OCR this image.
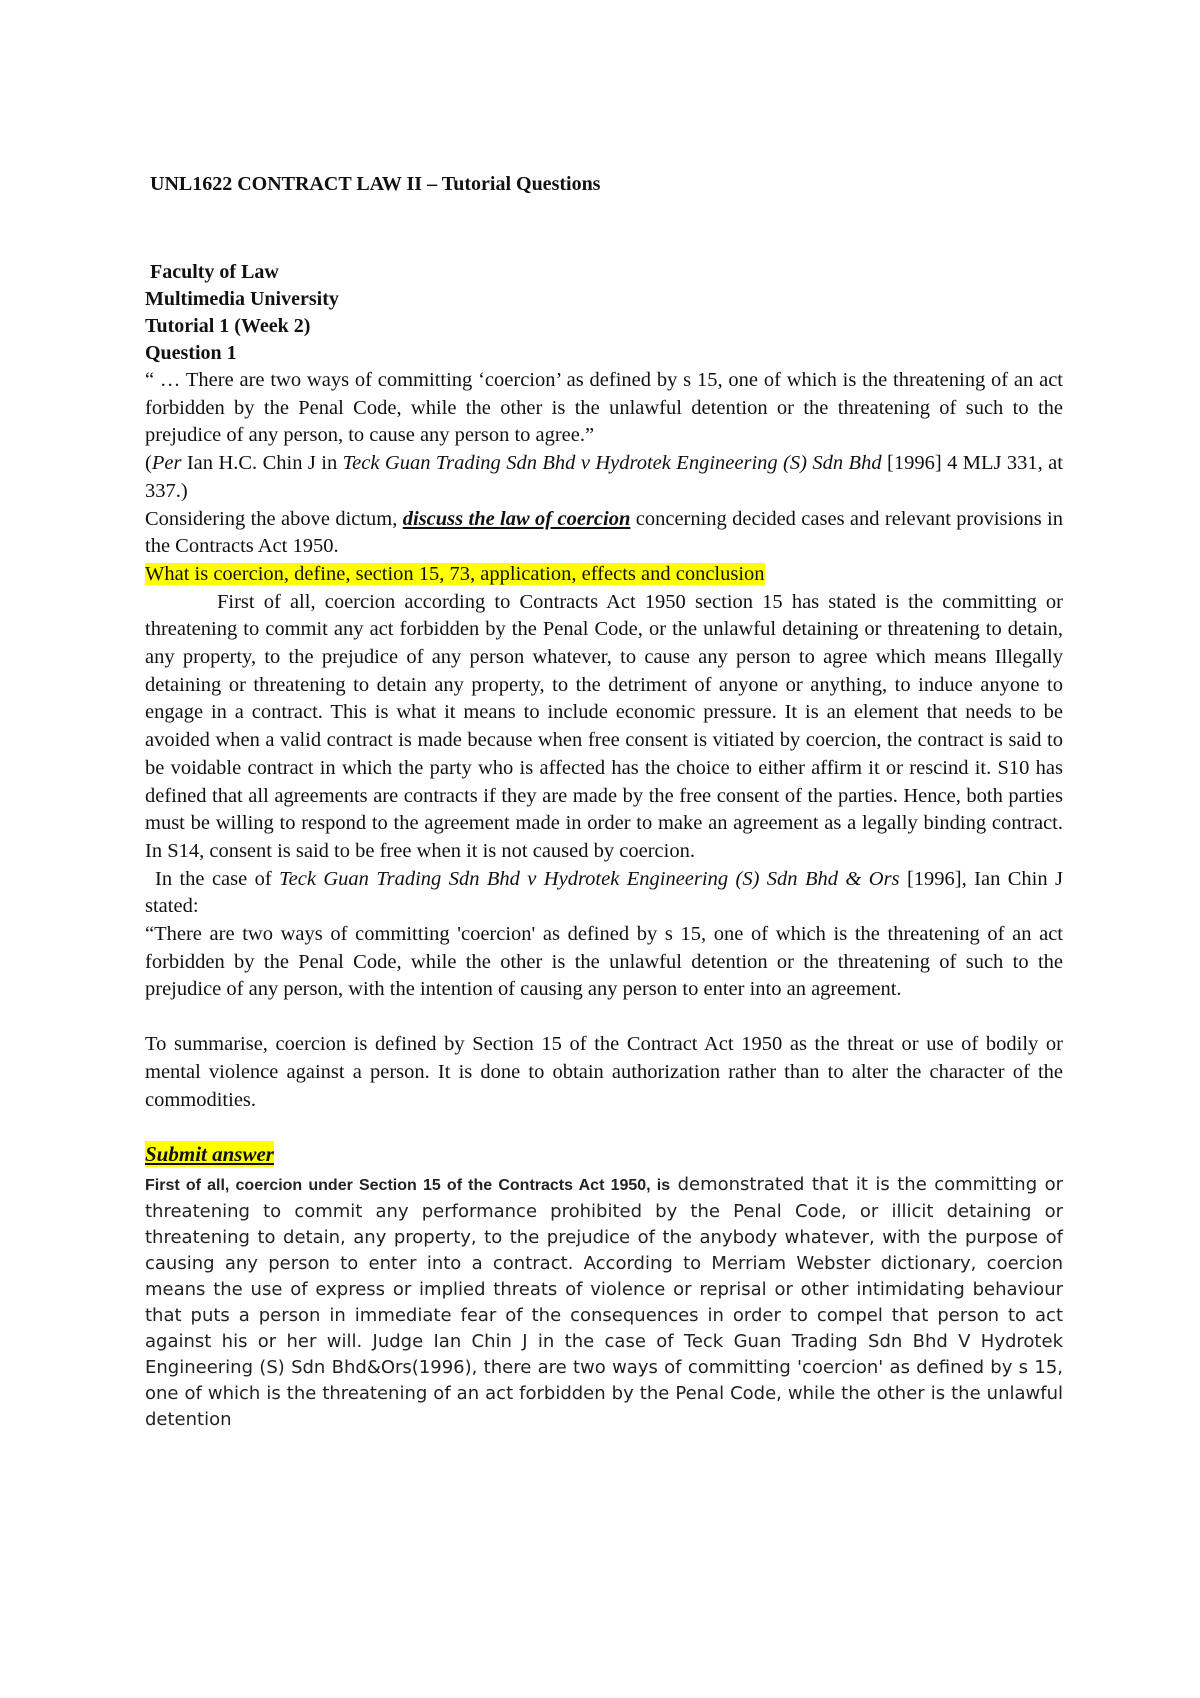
UNL1622 CONTRACT LAW II – Tutorial Questions

Faculty of Law

Multimedia University

Tutorial 1 (Week 2)

Question 1

“ … There are two ways of committing ‘coercion’ as defined by s 15, one of which is the threatening of an act forbidden by the Penal Code, while the other is the unlawful detention or the threatening of such to the prejudice of any person, to cause any person to agree.”

(Per Ian H.C. Chin J in Teck Guan Trading Sdn Bhd v Hydrotek Engineering (S) Sdn Bhd [1996] 4 MLJ 331, at 337.)

Considering the above dictum, discuss the law of coercion concerning decided cases and relevant provisions in the Contracts Act 1950.

What is coercion, define, section 15, 73, application, effects and conclusion

First of all, coercion according to Contracts Act 1950 section 15 has stated is the committing or threatening to commit any act forbidden by the Penal Code, or the unlawful detaining or threatening to detain, any property, to the prejudice of any person whatever, to cause any person to agree which means Illegally detaining or threatening to detain any property, to the detriment of anyone or anything, to induce anyone to engage in a contract. This is what it means to include economic pressure. It is an element that needs to be avoided when a valid contract is made because when free consent is vitiated by coercion, the contract is said to be voidable contract in which the party who is affected has the choice to either affirm it or rescind it. S10 has defined that all agreements are contracts if they are made by the free consent of the parties. Hence, both parties must be willing to respond to the agreement made in order to make an agreement as a legally binding contract. In S14, consent is said to be free when it is not caused by coercion.

In the case of Teck Guan Trading Sdn Bhd v Hydrotek Engineering (S) Sdn Bhd & Ors [1996], Ian Chin J stated:

“There are two ways of committing 'coercion' as defined by s 15, one of which is the threatening of an act forbidden by the Penal Code, while the other is the unlawful detention or the threatening of such to the prejudice of any person, with the intention of causing any person to enter into an agreement.

To summarise, coercion is defined by Section 15 of the Contract Act 1950 as the threat or use of bodily or mental violence against a person. It is done to obtain authorization rather than to alter the character of the commodities.

Submit answer

First of all, coercion under Section 15 of the Contracts Act 1950, is demonstrated that it is the committing or threatening to commit any performance prohibited by the Penal Code, or illicit detaining or threatening to detain, any property, to the prejudice of the anybody whatever, with the purpose of causing any person to enter into a contract. According to Merriam Webster dictionary, coercion means the use of express or implied threats of violence or reprisal or other intimidating behaviour that puts a person in immediate fear of the consequences in order to compel that person to act against his or her will. Judge Ian Chin J in the case of Teck Guan Trading Sdn Bhd V Hydrotek Engineering (S) Sdn Bhd&Ors(1996), there are two ways of committing 'coercion' as defined by s 15, one of which is the threatening of an act forbidden by the Penal Code, while the other is the unlawful detention
